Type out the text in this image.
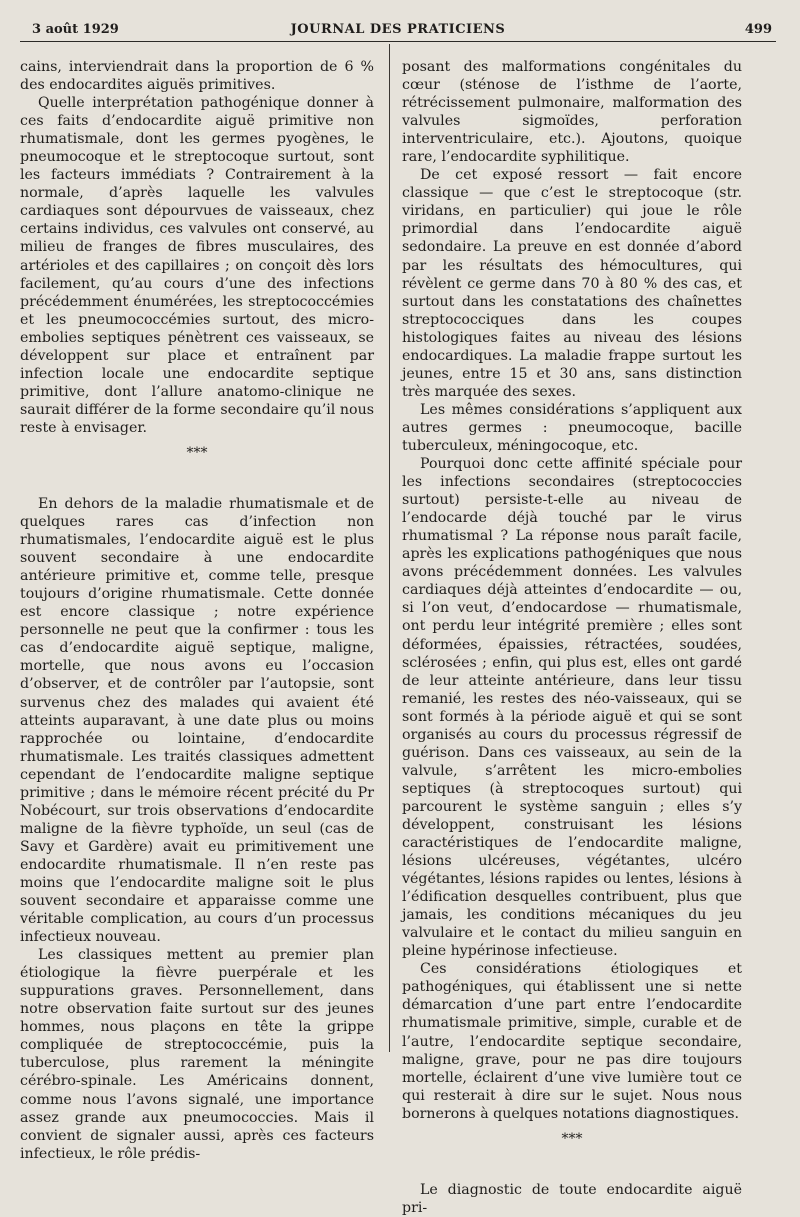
3 août 1929	JOURNAL DES PRATICIENS	499

cains, interviendrait dans la proportion de 6 % des endocardites aiguës primitives.

Quelle interprétation pathogénique donner à ces faits d’endocardite aiguë primitive non rhumatismale, dont les germes pyogènes, le pneumocoque et le streptocoque surtout, sont les facteurs immédiats ? Contrairement à la normale, d’après laquelle les valvules cardiaques sont dépourvues de vaisseaux, chez certains individus, ces valvules ont conservé, au milieu de franges de fibres musculaires, des artérioles et des capillaires ; on conçoit dès lors facilement, qu’au cours d’une des infections précédemment énumérées, les streptococcémies et les pneumococcémies surtout, des micro-embolies septiques pénètrent ces vaisseaux, se développent sur place et entraînent par infection locale une endocardite septique primitive, dont l’allure anatomo-clinique ne saurait différer de la forme secondaire qu’il nous reste à envisager.

***

En dehors de la maladie rhumatismale et de quelques rares cas d’infection non rhumatismales, l’endocardite aiguë est le plus souvent secondaire à une endocardite antérieure primitive et, comme telle, presque toujours d’origine rhumatismale. Cette donnée est encore classique ; notre expérience personnelle ne peut que la confirmer : tous les cas d’endocardite aiguë septique, maligne, mortelle, que nous avons eu l’occasion d’observer, et de contrôler par l’autopsie, sont survenus chez des malades qui avaient été atteints auparavant, à une date plus ou moins rapprochée ou lointaine, d’endocardite rhumatismale. Les traités classiques admettent cependant de l’endocardite maligne septique primitive ; dans le mémoire récent précité du Pr Nobécourt, sur trois observations d’endocardite maligne de la fièvre typhoïde, un seul (cas de Savy et Gardère) avait eu primitivement une endocardite rhumatismale. Il n’en reste pas moins que l’endocardite maligne soit le plus souvent secondaire et apparaisse comme une véritable complication, au cours d’un processus infectieux nouveau.

Les classiques mettent au premier plan étiologique la fièvre puerpérale et les suppurations graves. Personnellement, dans notre observation faite surtout sur des jeunes hommes, nous plaçons en tête la grippe compliquée de streptococcémie, puis la tuberculose, plus rarement la méningite cérébro-spinale. Les Américains donnent, comme nous l’avons signalé, une importance assez grande aux pneumococcies. Mais il convient de signaler aussi, après ces facteurs infectieux, le rôle prédis-

posant des malformations congénitales du cœur (sténose de l’isthme de l’aorte, rétrécissement pulmonaire, malformation des valvules sigmoïdes, perforation interventriculaire, etc.). Ajoutons, quoique rare, l’endocardite syphilitique.

De cet exposé ressort — fait encore classique — que c’est le streptocoque (str. viridans, en particulier) qui joue le rôle primordial dans l’endocardite aiguë sedondaire. La preuve en est donnée d’abord par les résultats des hémocultures, qui révèlent ce germe dans 70 à 80 % des cas, et surtout dans les constatations des chaînettes streptococciques dans les coupes histologiques faites au niveau des lésions endocardiques. La maladie frappe surtout les jeunes, entre 15 et 30 ans, sans distinction très marquée des sexes.

Les mêmes considérations s’appliquent aux autres germes : pneumocoque, bacille tuberculeux, méningocoque, etc.

Pourquoi donc cette affinité spéciale pour les infections secondaires (streptococcies surtout) persiste-t-elle au niveau de l’endocarde déjà touché par le virus rhumatismal ? La réponse nous paraît facile, après les explications pathogéniques que nous avons précédemment données. Les valvules cardiaques déjà atteintes d’endocardite — ou, si l’on veut, d’endocardose — rhumatismale, ont perdu leur intégrité première ; elles sont déformées, épaissies, rétractées, soudées, sclérosées ; enfin, qui plus est, elles ont gardé de leur atteinte antérieure, dans leur tissu remanié, les restes des néo-vaisseaux, qui se sont formés à la période aiguë et qui se sont organisés au cours du processus régressif de guérison. Dans ces vaisseaux, au sein de la valvule, s’arrêtent les micro-embolies septiques (à streptocoques surtout) qui parcourent le système sanguin ; elles s’y développent, construisant les lésions caractéristiques de l’endocardite maligne, lésions ulcéreuses, végétantes, ulcéro végétantes, lésions rapides ou lentes, lésions à l’édification desquelles contribuent, plus que jamais, les conditions mécaniques du jeu valvulaire et le contact du milieu sanguin en pleine hypérinose infectieuse.

Ces considérations étiologiques et pathogéniques, qui établissent une si nette démarcation d’une part entre l’endocardite rhumatismale primitive, simple, curable et de l’autre, l’endocardite septique secondaire, maligne, grave, pour ne pas dire toujours mortelle, éclairent d’une vive lumière tout ce qui resterait à dire sur le sujet. Nous nous bornerons à quelques notations diagnostiques.

***

Le diagnostic de toute endocardite aiguë pri-
